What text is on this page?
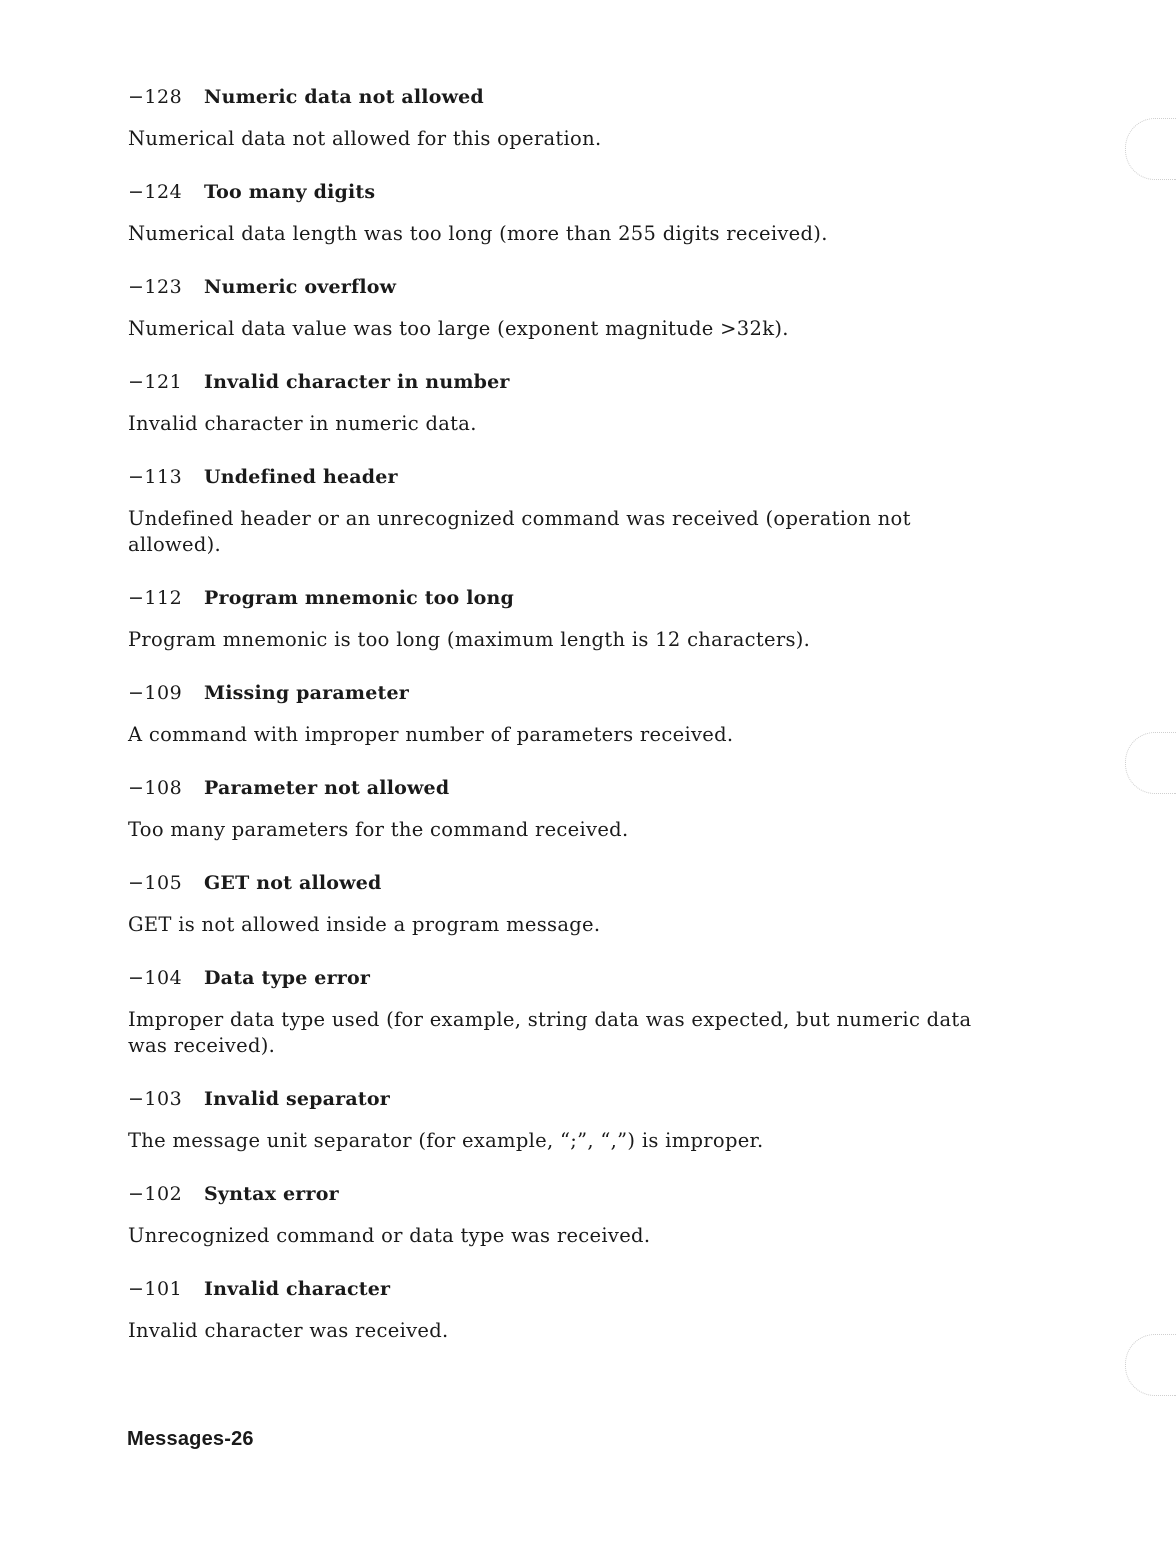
−128	Numeric data not allowed
Numerical data not allowed for this operation.
−124	Too many digits
Numerical data length was too long (more than 255 digits received).
−123	Numeric overflow
Numerical data value was too large (exponent magnitude >32k).
−121	Invalid character in number
Invalid character in numeric data.
−113	Undefined header
Undefined header or an unrecognized command was received (operation not allowed).
−112	Program mnemonic too long
Program mnemonic is too long (maximum length is 12 characters).
−109	Missing parameter
A command with improper number of parameters received.
−108	Parameter not allowed
Too many parameters for the command received.
−105	GET not allowed
GET is not allowed inside a program message.
−104	Data type error
Improper data type used (for example, string data was expected, but numeric data was received).
−103	Invalid separator
The message unit separator (for example, “;”, “,”) is improper.
−102	Syntax error
Unrecognized command or data type was received.
−101	Invalid character
Invalid character was received.
Messages-26
